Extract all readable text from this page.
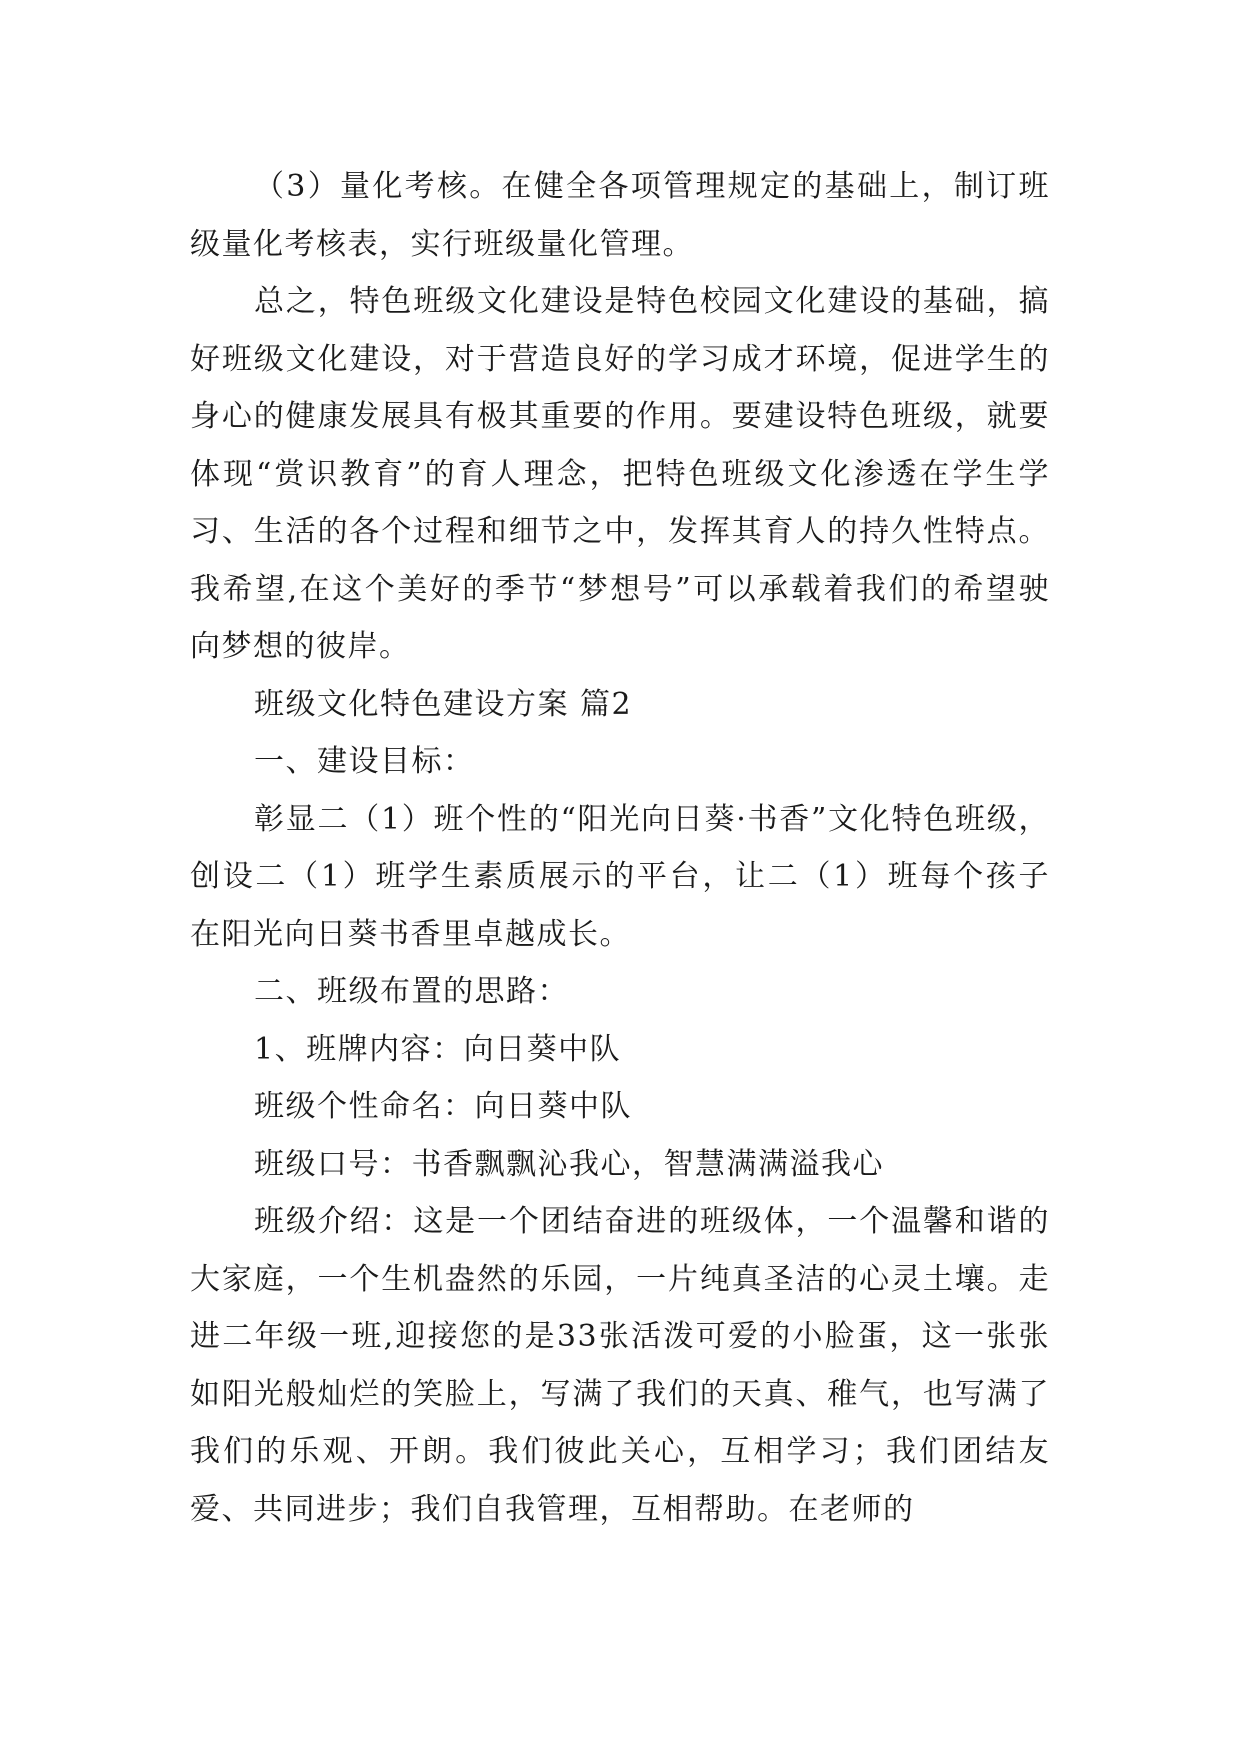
（3）量化考核。在健全各项管理规定的基础上，制订班级量化考核表，实行班级量化管理。

总之，特色班级文化建设是特色校园文化建设的基础，搞好班级文化建设，对于营造良好的学习成才环境，促进学生的身心的健康发展具有极其重要的作用。要建设特色班级，就要体现“赏识教育”的育人理念，把特色班级文化渗透在学生学习、生活的各个过程和细节之中，发挥其育人的持久性特点。我希望,在这个美好的季节“梦想号”可以承载着我们的希望驶向梦想的彼岸。

班级文化特色建设方案 篇2

一、建设目标：

彰显二（1）班个性的“阳光向日葵·书香”文化特色班级，创设二（1）班学生素质展示的平台，让二（1）班每个孩子在阳光向日葵书香里卓越成长。

二、班级布置的思路：

1、班牌内容：向日葵中队

班级个性命名：向日葵中队

班级口号：书香飘飘沁我心，智慧满满溢我心

班级介绍：这是一个团结奋进的班级体，一个温馨和谐的大家庭，一个生机盎然的乐园，一片纯真圣洁的心灵土壤。走进二年级一班,迎接您的是33张活泼可爱的小脸蛋，这一张张如阳光般灿烂的笑脸上，写满了我们的天真、稚气，也写满了我们的乐观、开朗。我们彼此关心，互相学习；我们团结友爱、共同进步；我们自我管理，互相帮助。在老师的
